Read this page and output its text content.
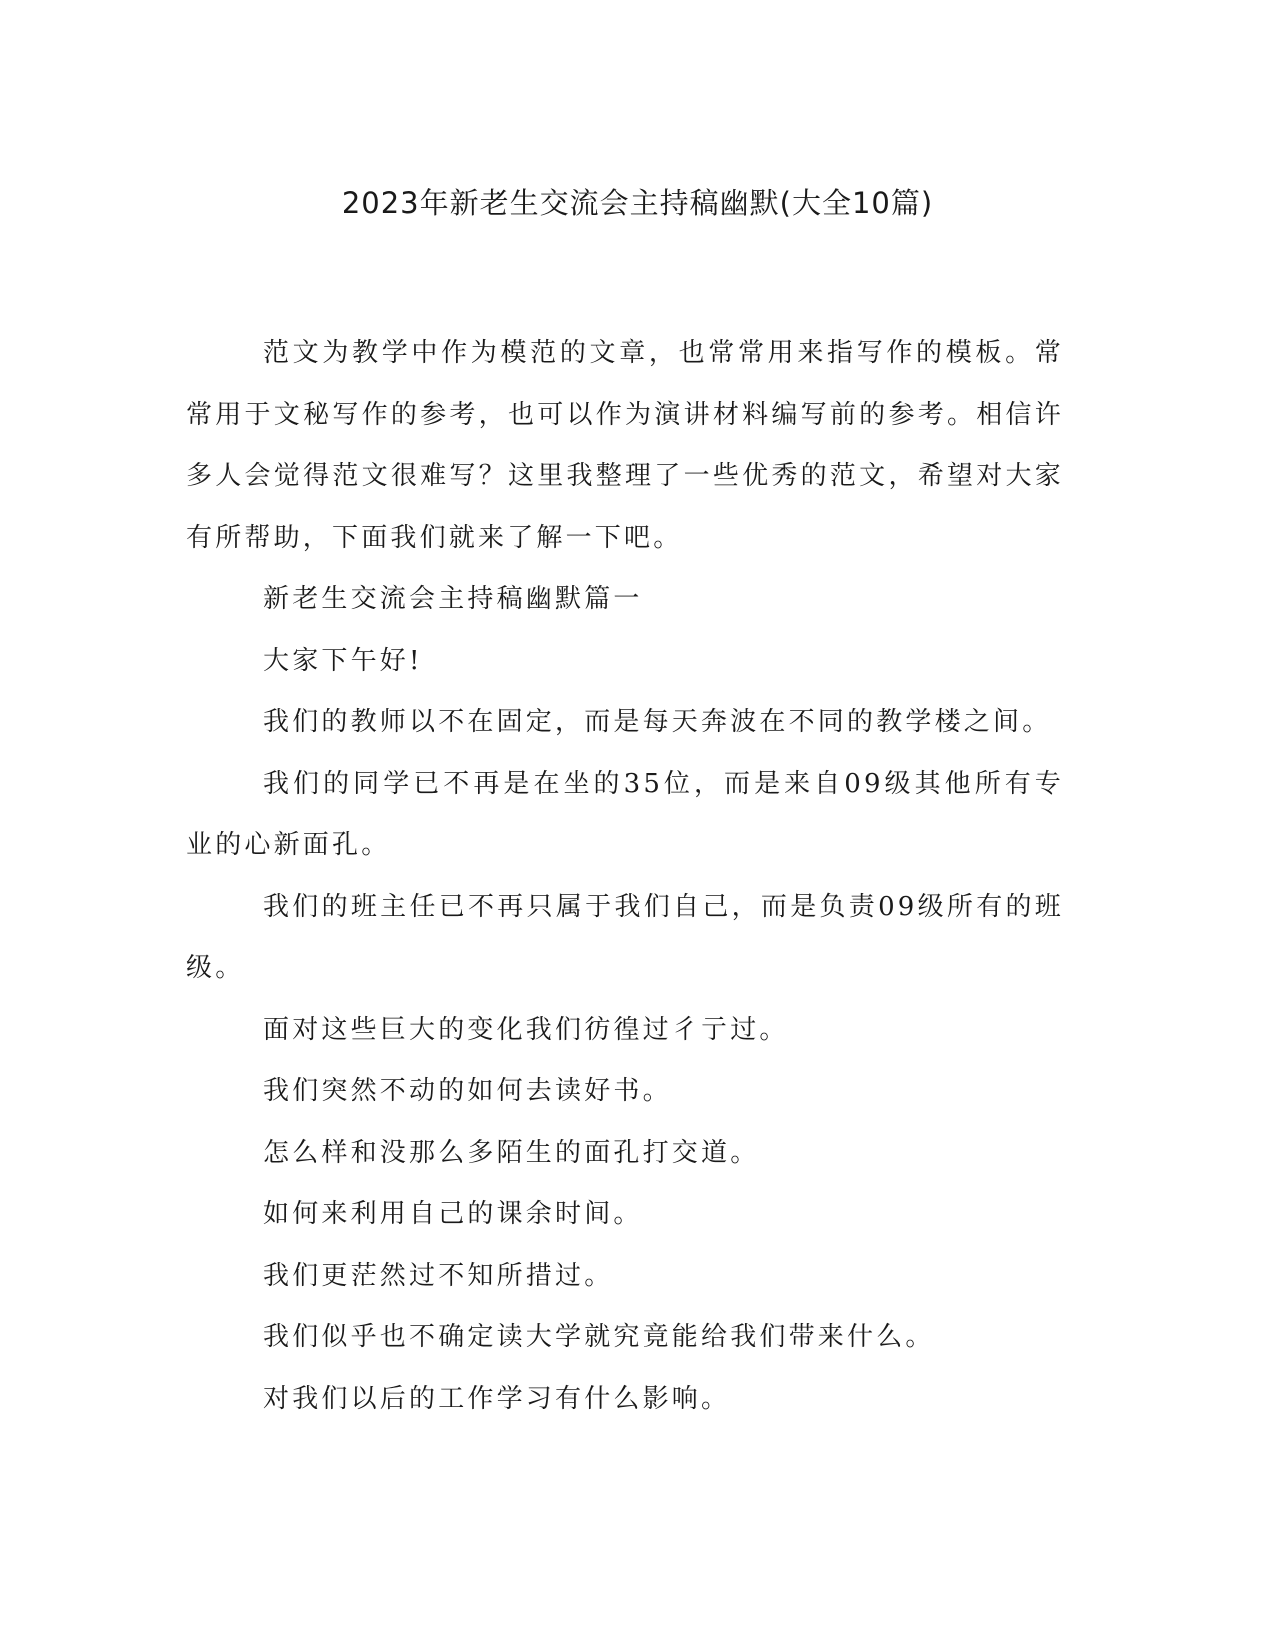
2023年新老生交流会主持稿幽默(大全10篇)

范文为教学中作为模范的文章，也常常用来指写作的模板。常常用于文秘写作的参考，也可以作为演讲材料编写前的参考。相信许多人会觉得范文很难写？这里我整理了一些优秀的范文，希望对大家有所帮助，下面我们就来了解一下吧。

新老生交流会主持稿幽默篇一

大家下午好!

我们的教师以不在固定，而是每天奔波在不同的教学楼之间。

我们的同学已不再是在坐的35位，而是来自09级其他所有专业的心新面孔。

我们的班主任已不再只属于我们自己，而是负责09级所有的班级。

面对这些巨大的变化我们彷徨过彳亍过。

我们突然不动的如何去读好书。

怎么样和没那么多陌生的面孔打交道。

如何来利用自己的课余时间。

我们更茫然过不知所措过。

我们似乎也不确定读大学就究竟能给我们带来什么。

对我们以后的工作学习有什么影响。
